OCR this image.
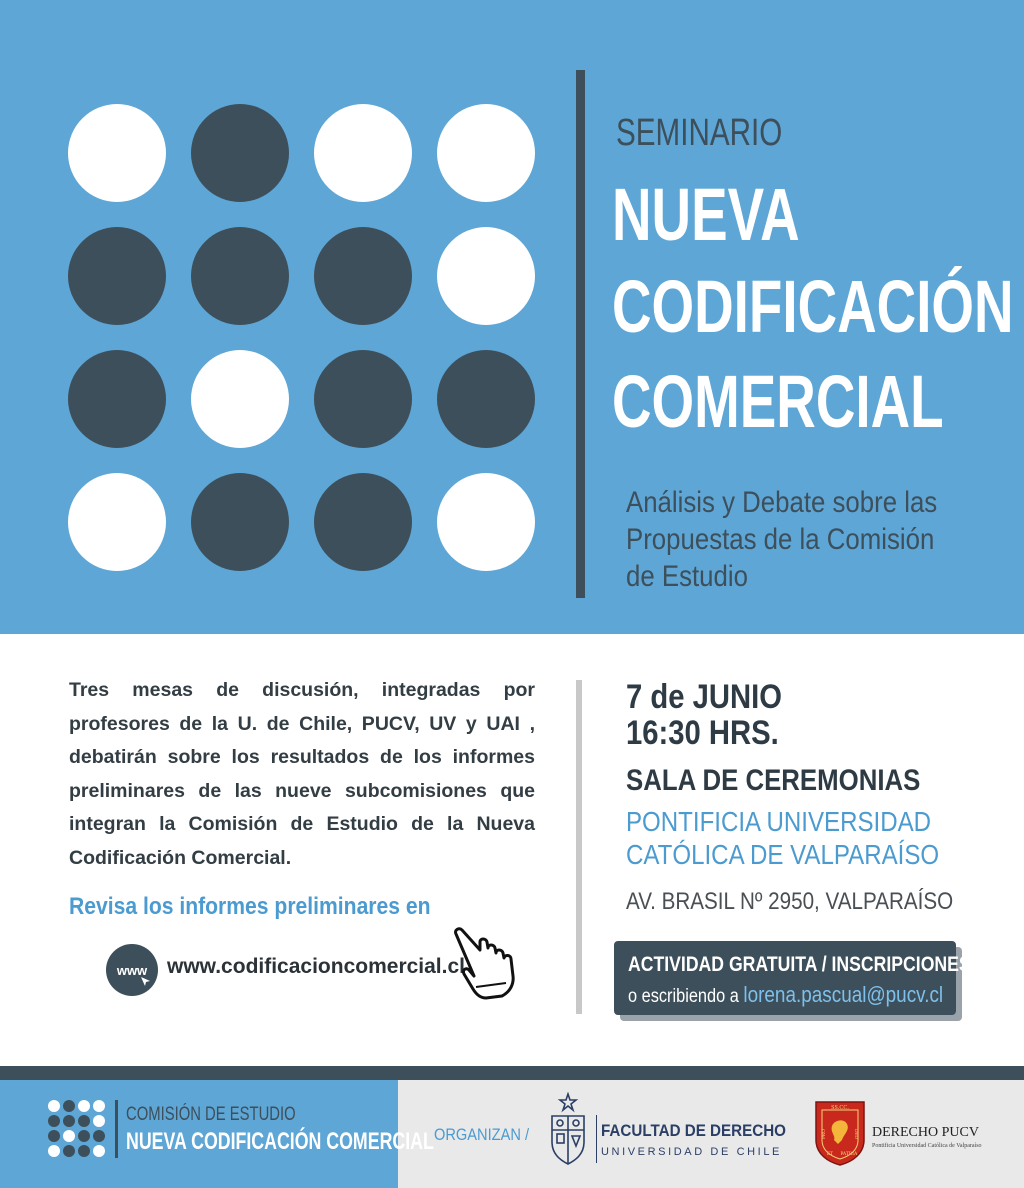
SEMINARIO
NUEVA
CODIFICACIÓN
COMERCIAL
Análisis y Debate sobre las
Propuestas de la Comisión
de Estudio

Tres mesas de discusión, integradas por profesores de la U. de Chile, PUCV, UV y UAI , debatirán sobre los resultados de los informes preliminares de las nueve subcomisiones que integran la Comisión de Estudio de la Nueva Codificación Comercial.

Revisa los informes preliminares en
www www.codificacioncomercial.cl
7 de JUNIO
16:30 HRS.
SALA DE CEREMONIAS
PONTIFICIA UNIVERSIDAD
CATÓLICA DE VALPARAÍSO
AV. BRASIL Nº 2950, VALPARAÍSO
ACTIVIDAD GRATUITA / INSCRIPCIONES AQUÍ
o escribiendo a lorena.pascual@pucv.cl
COMISIÓN DE ESTUDIO
NUEVA CODIFICACIÓN COMERCIAL ORGANIZAN /	FACULTAD DE DERECHO
UNIVERSIDAD DE CHILE
SS.CC.
PRO	DEO
ET PATRIA
DERECHO PUCV
Pontificia Universidad Católica de Valparaíso
